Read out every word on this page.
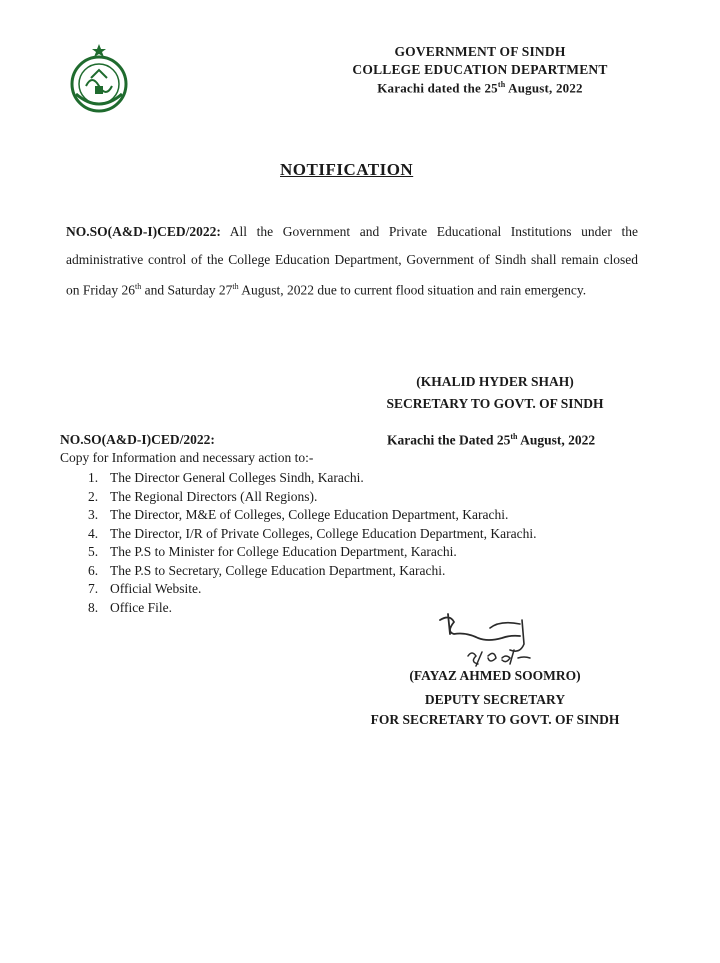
GOVERNMENT OF SINDH
COLLEGE EDUCATION DEPARTMENT
Karachi dated the 25th August, 2022
NOTIFICATION
NO.SO(A&D-I)CED/2022: All the Government and Private Educational Institutions under the administrative control of the College Education Department, Government of Sindh shall remain closed on Friday 26th and Saturday 27th August, 2022 due to current flood situation and rain emergency.
(KHALID HYDER SHAH)
SECRETARY TO GOVT. OF SINDH
NO.SO(A&D-I)CED/2022:	Karachi the Dated 25th August, 2022
Copy for Information and necessary action to:-
1. The Director General Colleges Sindh, Karachi.
2. The Regional Directors (All Regions).
3. The Director, M&E of Colleges, College Education Department, Karachi.
4. The Director, I/R of Private Colleges, College Education Department, Karachi.
5. The P.S to Minister for College Education Department, Karachi.
6. The P.S to Secretary, College Education Department, Karachi.
7. Official Website.
8. Office File.
(FAYAZ AHMED SOOMRO)
DEPUTY SECRETARY
FOR SECRETARY TO GOVT. OF SINDH
